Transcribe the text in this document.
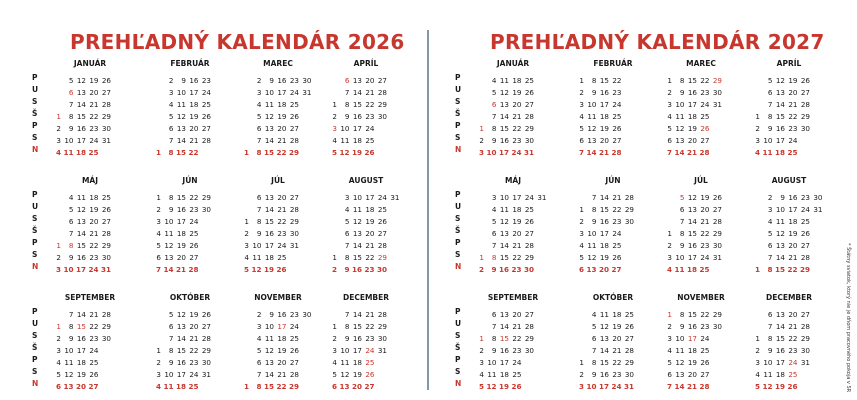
PREHĽADNÝ KALENDÁR 2026
P
U
S
Š
P
S
N
JANUÁR
5 12 19 26
6 13 20 27
7 14 21 28
1 8 15 22 29
2 9 16 23 30
3 10 17 24 31
4 11 18 25
FEBRUÁR
2 9 16 23
3 10 17 24
4 11 18 25
5 12 19 26
6 13 20 27
7 14 21 28
1 8 15 22
MAREC
2 9 16 23 30
3 10 17 24 31
4 11 18 25
5 12 19 26
6 13 20 27
7 14 21 28
1 8 15 22 29
APRÍL
6 13 20 27
7 14 21 28
1 8 15 22 29
2 9 16 23 30
3 10 17 24
4 11 18 25
5 12 19 26
P
U
S
Š
P
S
N
MÁJ
4 11 18 25
5 12 19 26
6 13 20 27
7 14 21 28
1 8 15 22 29
2 9 16 23 30
3 10 17 24 31
JÚN
1 8 15 22 29
2 9 16 23 30
3 10 17 24
4 11 18 25
5 12 19 26
6 13 20 27
7 14 21 28
JÚL
6 13 20 27
7 14 21 28
1 8 15 22 29
2 9 16 23 30
3 10 17 24 31
4 11 18 25
5 12 19 26
AUGUST
3 10 17 24 31
4 11 18 25
5 12 19 26
6 13 20 27
7 14 21 28
1 8 15 22 29
2 9 16 23 30
P
U
S
Š
P
S
N
SEPTEMBER
7 14 21 28
1 8 15 22 29
2 9 16 23 30
3 10 17 24
4 11 18 25
5 12 19 26
6 13 20 27
OKTÓBER
5 12 19 26
6 13 20 27
7 14 21 28
1 8 15 22 29
2 9 16 23 30
3 10 17 24 31
4 11 18 25
NOVEMBER
2 9 16 23 30
3 10 17 24
4 11 18 25
5 12 19 26
6 13 20 27
7 14 21 28
1 8 15 22 29
DECEMBER
7 14 21 28
1 8 15 22 29
2 9 16 23 30
3 10 17 24 31
4 11 18 25
5 12 19 26
6 13 20 27
PREHĽADNÝ KALENDÁR 2027
P
U
S
Š
P
S
N
JANUÁR
4 11 18 25
5 12 19 26
6 13 20 27
7 14 21 28
1 8 15 22 29
2 9 16 23 30
3 10 17 24 31
FEBRUÁR
1 8 15 22
2 9 16 23
3 10 17 24
4 11 18 25
5 12 19 26
6 13 20 27
7 14 21 28
MAREC
1 8 15 22 29
2 9 16 23 30
3 10 17 24 31
4 11 18 25
5 12 19 26
6 13 20 27
7 14 21 28
APRÍL
5 12 19 26
6 13 20 27
7 14 21 28
1 8 15 22 29
2 9 16 23 30
3 10 17 24
4 11 18 25
P
U
S
Š
P
S
N
MÁJ
3 10 17 24 31
4 11 18 25
5 12 19 26
6 13 20 27
7 14 21 28
1 8 15 22 29
2 9 16 23 30
JÚN
7 14 21 28
1 8 15 22 29
2 9 16 23 30
3 10 17 24
4 11 18 25
5 12 19 26
6 13 20 27
JÚL
5 12 19 26
6 13 20 27
7 14 21 28
1 8 15 22 29
2 9 16 23 30
3 10 17 24 31
4 11 18 25
AUGUST
2 9 16 23 30
3 10 17 24 31
4 11 18 25
5 12 19 26
6 13 20 27
7 14 21 28
1 8 15 22 29
P
U
S
Š
P
S
N
SEPTEMBER
6 13 20 27
7 14 21 28
1 8 15 22 29
2 9 16 23 30
3 10 17 24
4 11 18 25
5 12 19 26
OKTÓBER
4 11 18 25
5 12 19 26
6 13 20 27
7 14 21 28
1 8 15 22 29
2 9 16 23 30
3 10 17 24 31
NOVEMBER
1 8 15 22 29
2 9 16 23 30
3 10 17 24
4 11 18 25
5 12 19 26
6 13 20 27
7 14 21 28
DECEMBER
6 13 20 27
7 14 21 28
1 8 15 22 29
2 9 16 23 30
3 10 17 24 31
4 11 18 25
5 12 19 26	* Štátny sviatok, ktorý nie je dňom pracovného pokoja v SR
